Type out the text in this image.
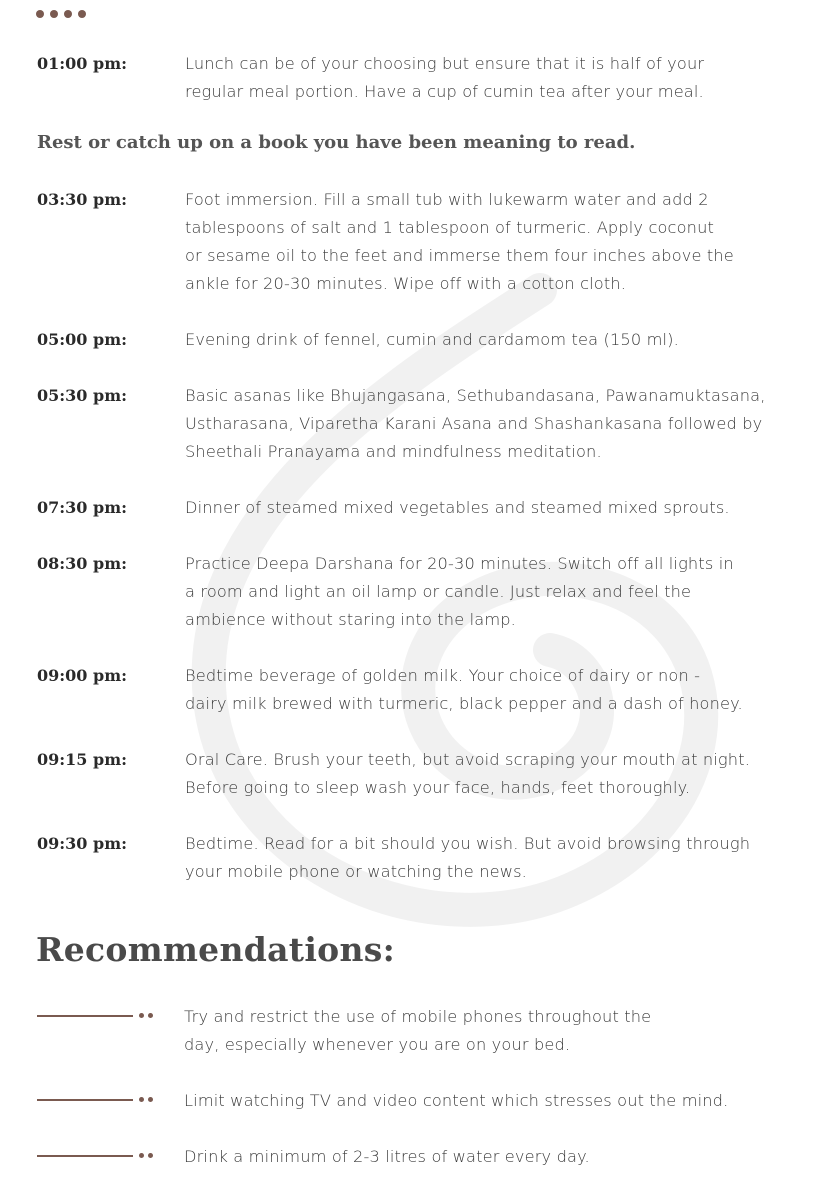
01:00 pm:	Lunch can be of your choosing but ensure that it is half of your
regular meal portion. Have a cup of cumin tea after your meal.
Rest or catch up on a book you have been meaning to read.
03:30 pm:	Foot immersion. Fill a small tub with lukewarm water and add 2
tablespoons of salt and 1 tablespoon of turmeric. Apply coconut
or sesame oil to the feet and immerse them four inches above the
ankle for 20-30 minutes. Wipe off with a cotton cloth.
05:00 pm:	Evening drink of fennel, cumin and cardamom tea (150 ml).
05:30 pm:	Basic asanas like Bhujangasana, Sethubandasana, Pawanamuktasana,
Ustharasana, Viparetha Karani Asana and Shashankasana followed by
Sheethali Pranayama and mindfulness meditation.
07:30 pm:	Dinner of steamed mixed vegetables and steamed mixed sprouts.
08:30 pm:	Practice Deepa Darshana for 20-30 minutes. Switch off all lights in
a room and light an oil lamp or candle. Just relax and feel the
ambience without staring into the lamp.
09:00 pm:	Bedtime beverage of golden milk. Your choice of dairy or non -
dairy milk brewed with turmeric, black pepper and a dash of honey.
09:15 pm:	Oral Care. Brush your teeth, but avoid scraping your mouth at night.
Before going to sleep wash your face, hands, feet thoroughly.
09:30 pm:	Bedtime. Read for a bit should you wish. But avoid browsing through
your mobile phone or watching the news.
Recommendations:
Try and restrict the use of mobile phones throughout the
day, especially whenever you are on your bed.
Limit watching TV and video content which stresses out the mind.
Drink a minimum of 2-3 litres of water every day.
